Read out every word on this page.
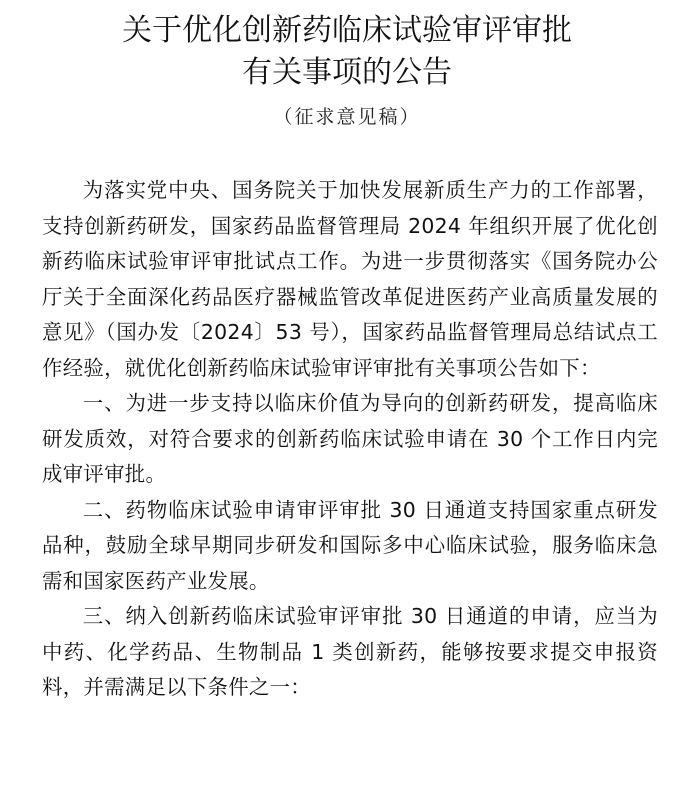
关于优化创新药临床试验审评审批
有关事项的公告
（征求意见稿）

为落实党中央、国务院关于加快发展新质生产力的工作部署，支持创新药研发，国家药品监督管理局 2024 年组织开展了优化创新药临床试验审评审批试点工作。为进一步贯彻落实《国务院办公厅关于全面深化药品医疗器械监管改革促进医药产业高质量发展的意见》（国办发〔2024〕53 号），国家药品监督管理局总结试点工作经验，就优化创新药临床试验审评审批有关事项公告如下：

一、为进一步支持以临床价值为导向的创新药研发，提高临床研发质效，对符合要求的创新药临床试验申请在 30 个工作日内完成审评审批。

二、药物临床试验申请审评审批 30 日通道支持国家重点研发品种，鼓励全球早期同步研发和国际多中心临床试验，服务临床急需和国家医药产业发展。

三、纳入创新药临床试验审评审批 30 日通道的申请，应当为中药、化学药品、生物制品 1 类创新药，能够按要求提交申报资料，并需满足以下条件之一：
